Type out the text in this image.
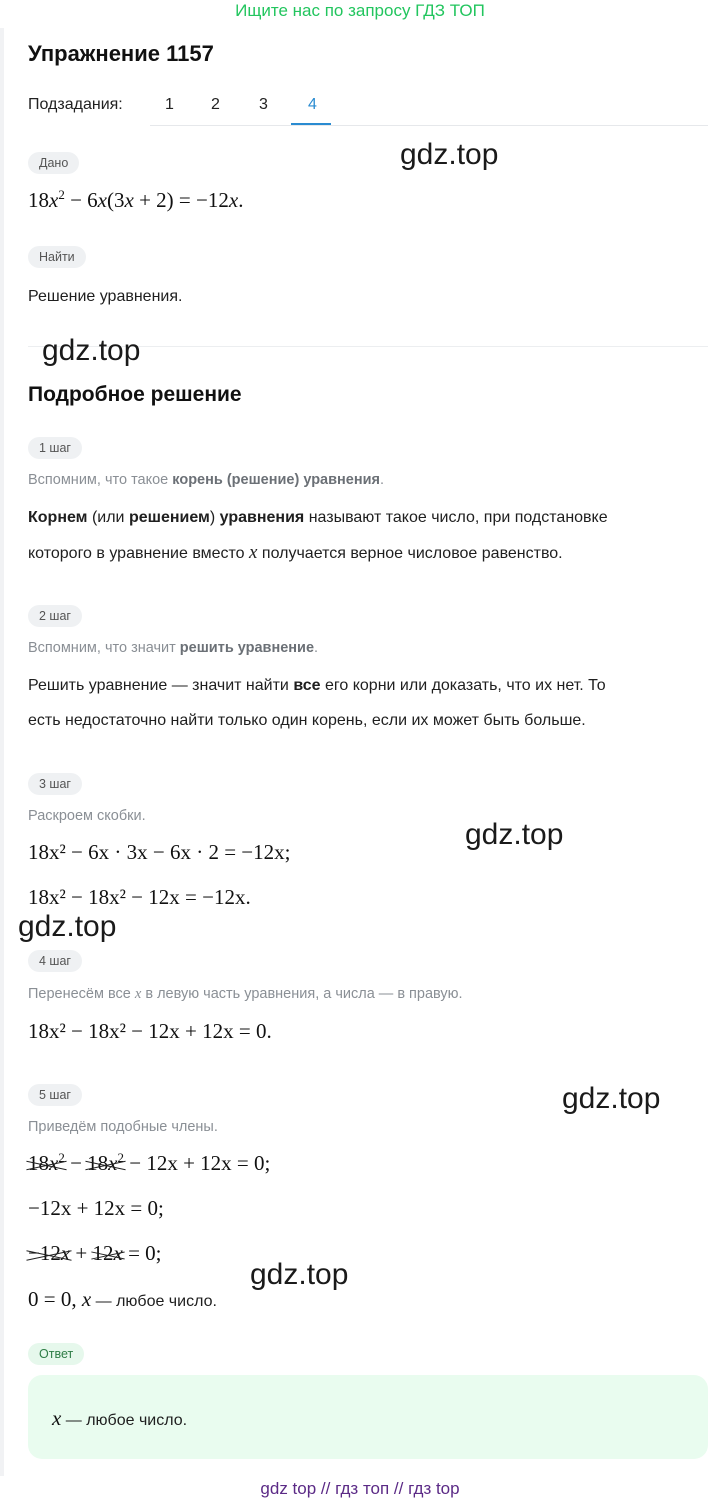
Ищите нас по запросу ГДЗ ТОП
Упражнение 1157
Подзадания:	1 2 3	4
Дано
$18x^2 - 6x(3x + 2) = -12x$.
Найти
Решение уравнения.
Подробное решение
1 шаг
Вспомним, что такое корень (решение) уравнения.
Корнем (или решением) уравнения называют такое число, при подстановке
которого в уравнение вместо x получается верное числовое равенство.
2 шаг
Вспомним, что значит решить уравнение.
Решить уравнение — значит найти все его корни или доказать, что их нет. То
есть недостаточно найти только один корень, если их может быть больше.
3 шаг
Раскроем скобки.
18x² − 6x · 3x − 6x · 2 = −12x;
18x² − 18x² − 12x = −12x.
4 шаг
Перенесём все x в левую часть уравнения, а числа — в правую.
18x² − 18x² − 12x + 12x = 0.
5 шаг
Приведём подобные члены.
$18x^2 - 18x^2 - 12x + 12x = 0$;
−12x + 12x = 0;
−12x + 12x = 0;
0 = 0, x — любое число.
Ответ
x — любое число.
gdz.top
gdz.top
gdz.top
gdz.top
gdz.top
gdz.top
gdz top // гдз топ // гдз top
